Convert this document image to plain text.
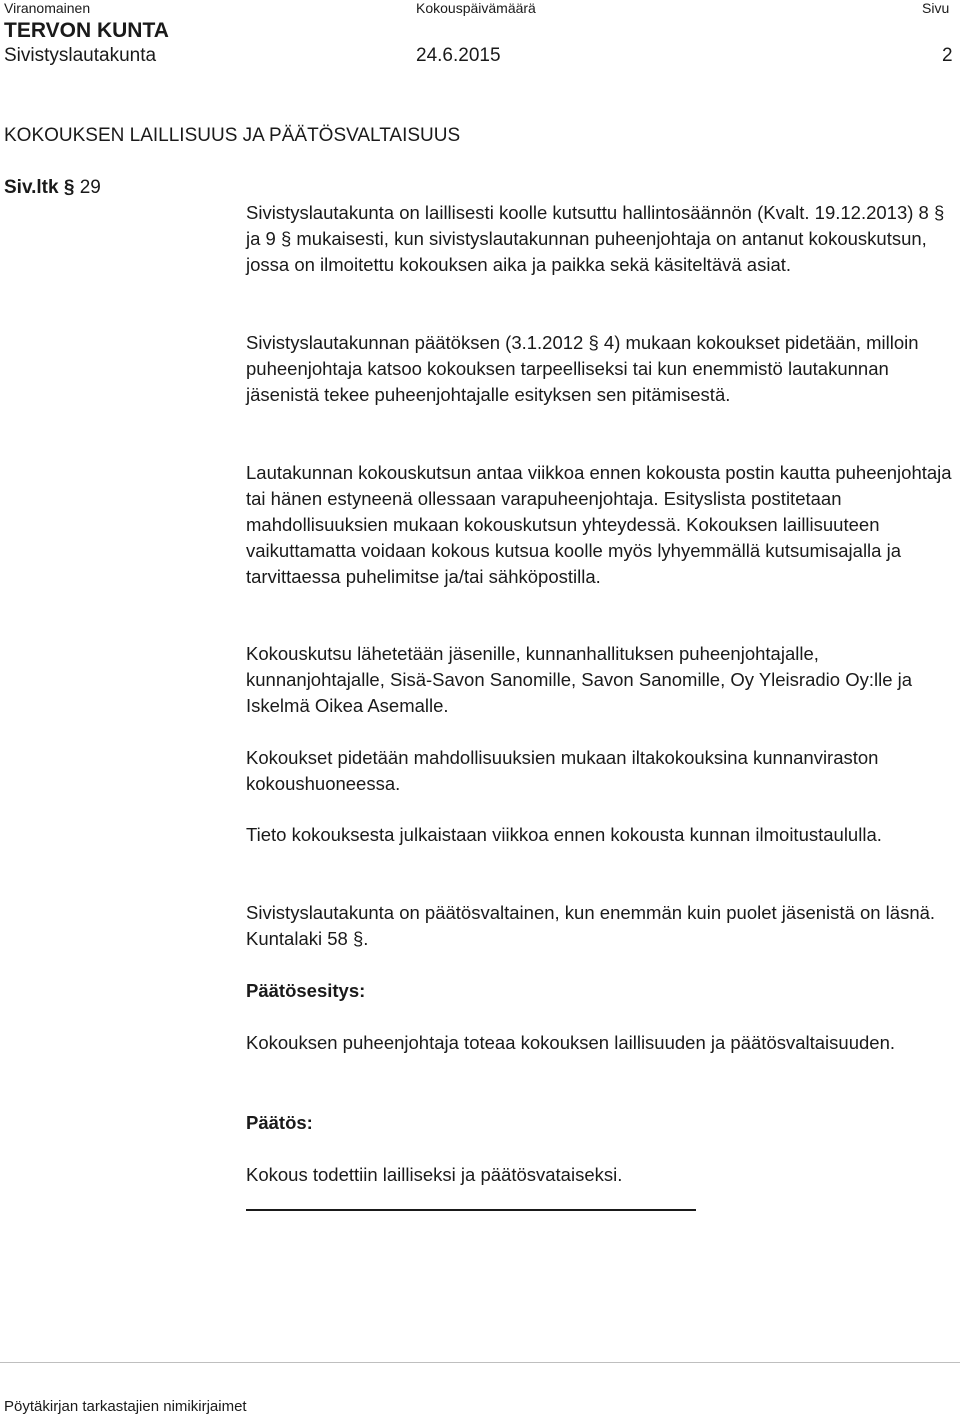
Viranomainen	Kokouspäivämäärä	Sivu
TERVON KUNTA
Sivistyslautakunta	24.6.2015	2
KOKOUKSEN LAILLISUUS JA PÄÄTÖSVALTAISUUS
Siv.ltk § 29

Sivistyslautakunta on laillisesti koolle kutsuttu hallintosäännön (Kvalt. 19.12.2013) 8 § ja 9 § mukaisesti, kun sivistyslautakunnan puheenjohtaja on antanut kokouskutsun, jossa on ilmoitettu kokouksen aika ja paikka sekä käsiteltävä asiat.

Sivistyslautakunnan päätöksen (3.1.2012 § 4) mukaan kokoukset pidetään, milloin puheenjohtaja katsoo kokouksen tarpeelliseksi tai kun enemmistö lautakunnan jäsenistä tekee puheenjohtajalle esityksen sen pitämisestä.

Lautakunnan kokouskutsun antaa viikkoa ennen kokousta postin kautta puheenjohtaja tai hänen estyneenä ollessaan varapuheenjohtaja. Esityslista postitetaan mahdollisuuksien mukaan kokouskutsun yhteydessä. Kokouksen laillisuuteen vaikuttamatta voidaan kokous kutsua koolle myös lyhyemmällä kutsumisajalla ja tarvittaessa puhelimitse ja/tai sähköpostilla.

Kokouskutsu lähetetään jäsenille, kunnanhallituksen puheenjohtajalle, kunnanjohtajalle, Sisä-Savon Sanomille, Savon Sanomille, Oy Yleisradio Oy:lle ja Iskelmä Oikea Asemalle.

Kokoukset pidetään mahdollisuuksien mukaan iltakokouksina kunnanviraston kokoushuoneessa.

Tieto kokouksesta julkaistaan viikkoa ennen kokousta kunnan ilmoitustaululla.

Sivistyslautakunta on päätösvaltainen, kun enemmän kuin puolet jäsenistä on läsnä. Kuntalaki 58 §.

Päätösesitys:

Kokouksen puheenjohtaja toteaa kokouksen laillisuuden ja päätösvaltaisuuden.

Päätös:

Kokous todettiin lailliseksi ja päätösvataiseksi.

Pöytäkirjan tarkastajien nimikirjaimet
